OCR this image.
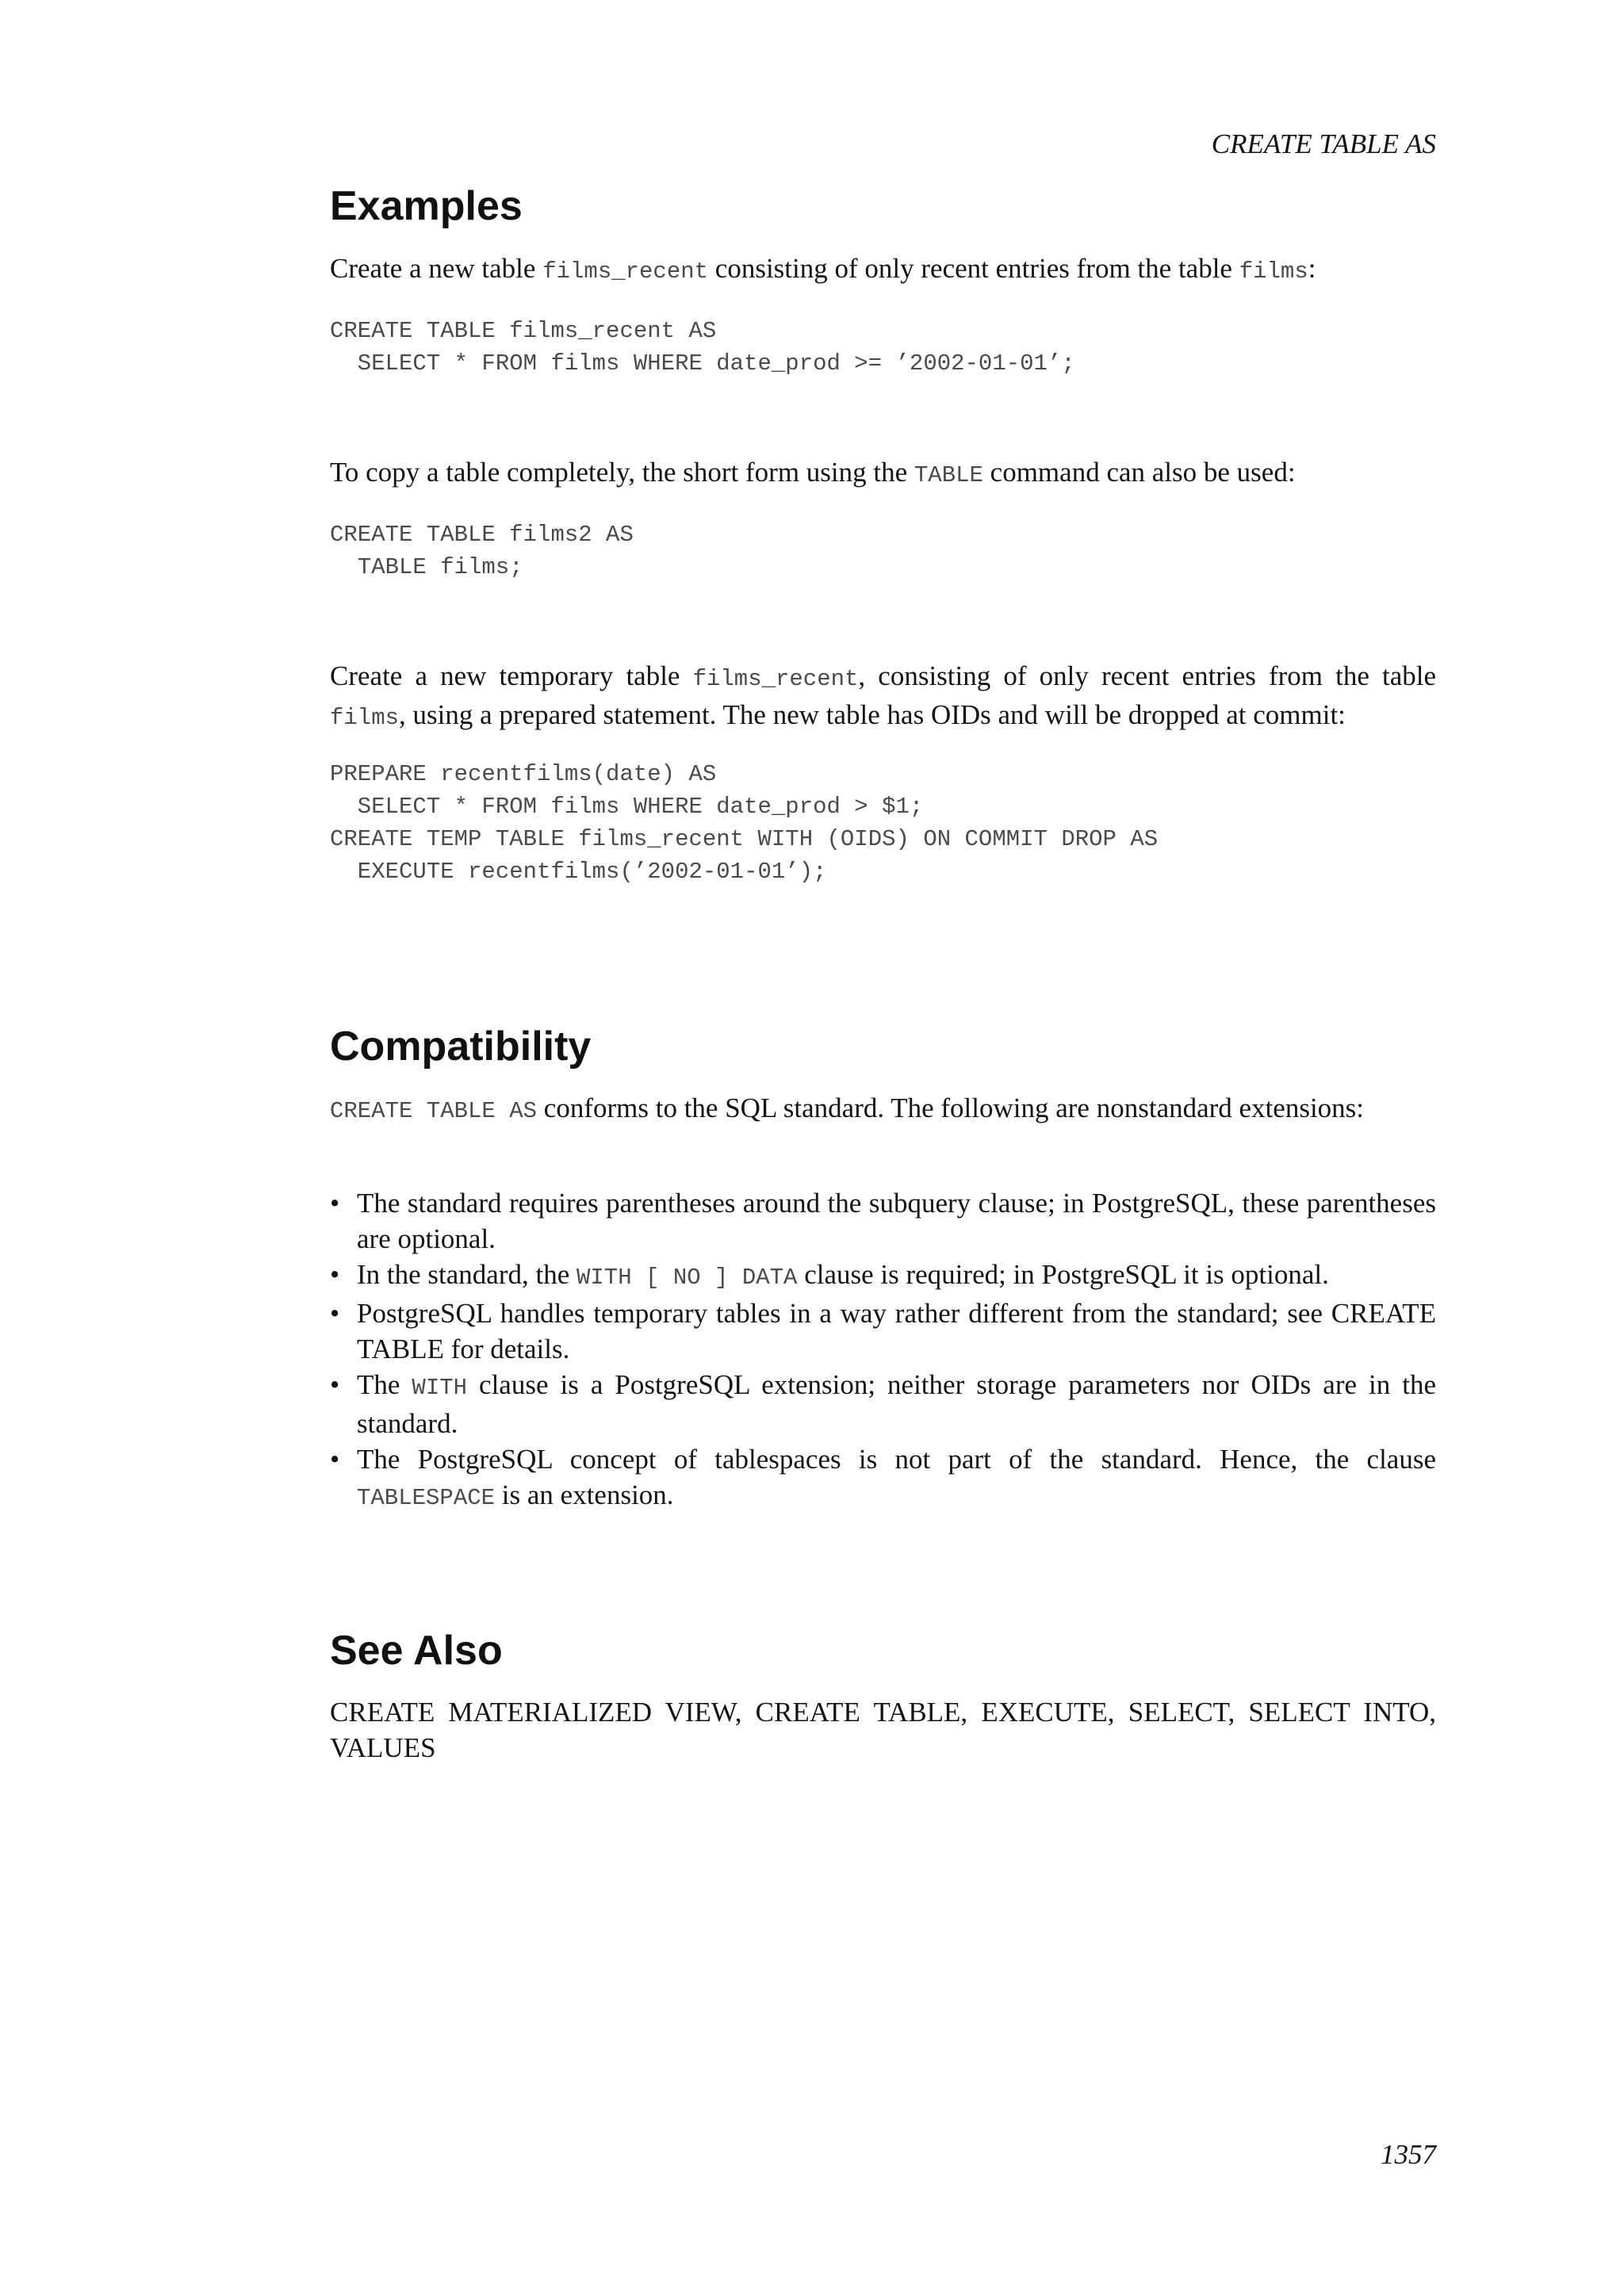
CREATE TABLE AS
Examples

Create a new table films_recent consisting of only recent entries from the table films:

CREATE TABLE films_recent AS
SELECT * FROM films WHERE date_prod >= ’2002-01-01’;

To copy a table completely, the short form using the TABLE command can also be used:

CREATE TABLE films2 AS
TABLE films;

Create a new temporary table films_recent, consisting of only recent entries from the table films, using a prepared statement. The new table has OIDs and will be dropped at commit:

PREPARE recentfilms(date) AS
SELECT * FROM films WHERE date_prod > $1;
CREATE TEMP TABLE films_recent WITH (OIDS) ON COMMIT DROP AS
EXECUTE recentfilms(’2002-01-01’);
Compatibility

CREATE TABLE AS conforms to the SQL standard. The following are nonstandard extensions:

• The standard requires parentheses around the subquery clause; in PostgreSQL, these parentheses are optional.
• In the standard, the WITH [ NO ] DATA clause is required; in PostgreSQL it is optional.
• PostgreSQL handles temporary tables in a way rather different from the standard; see CREATE TABLE for details.
• The WITH clause is a PostgreSQL extension; neither storage parameters nor OIDs are in the standard.
• The PostgreSQL concept of tablespaces is not part of the standard. Hence, the clause TABLESPACE is an extension.
See Also

CREATE MATERIALIZED VIEW, CREATE TABLE, EXECUTE, SELECT, SELECT INTO, VALUES

1357
